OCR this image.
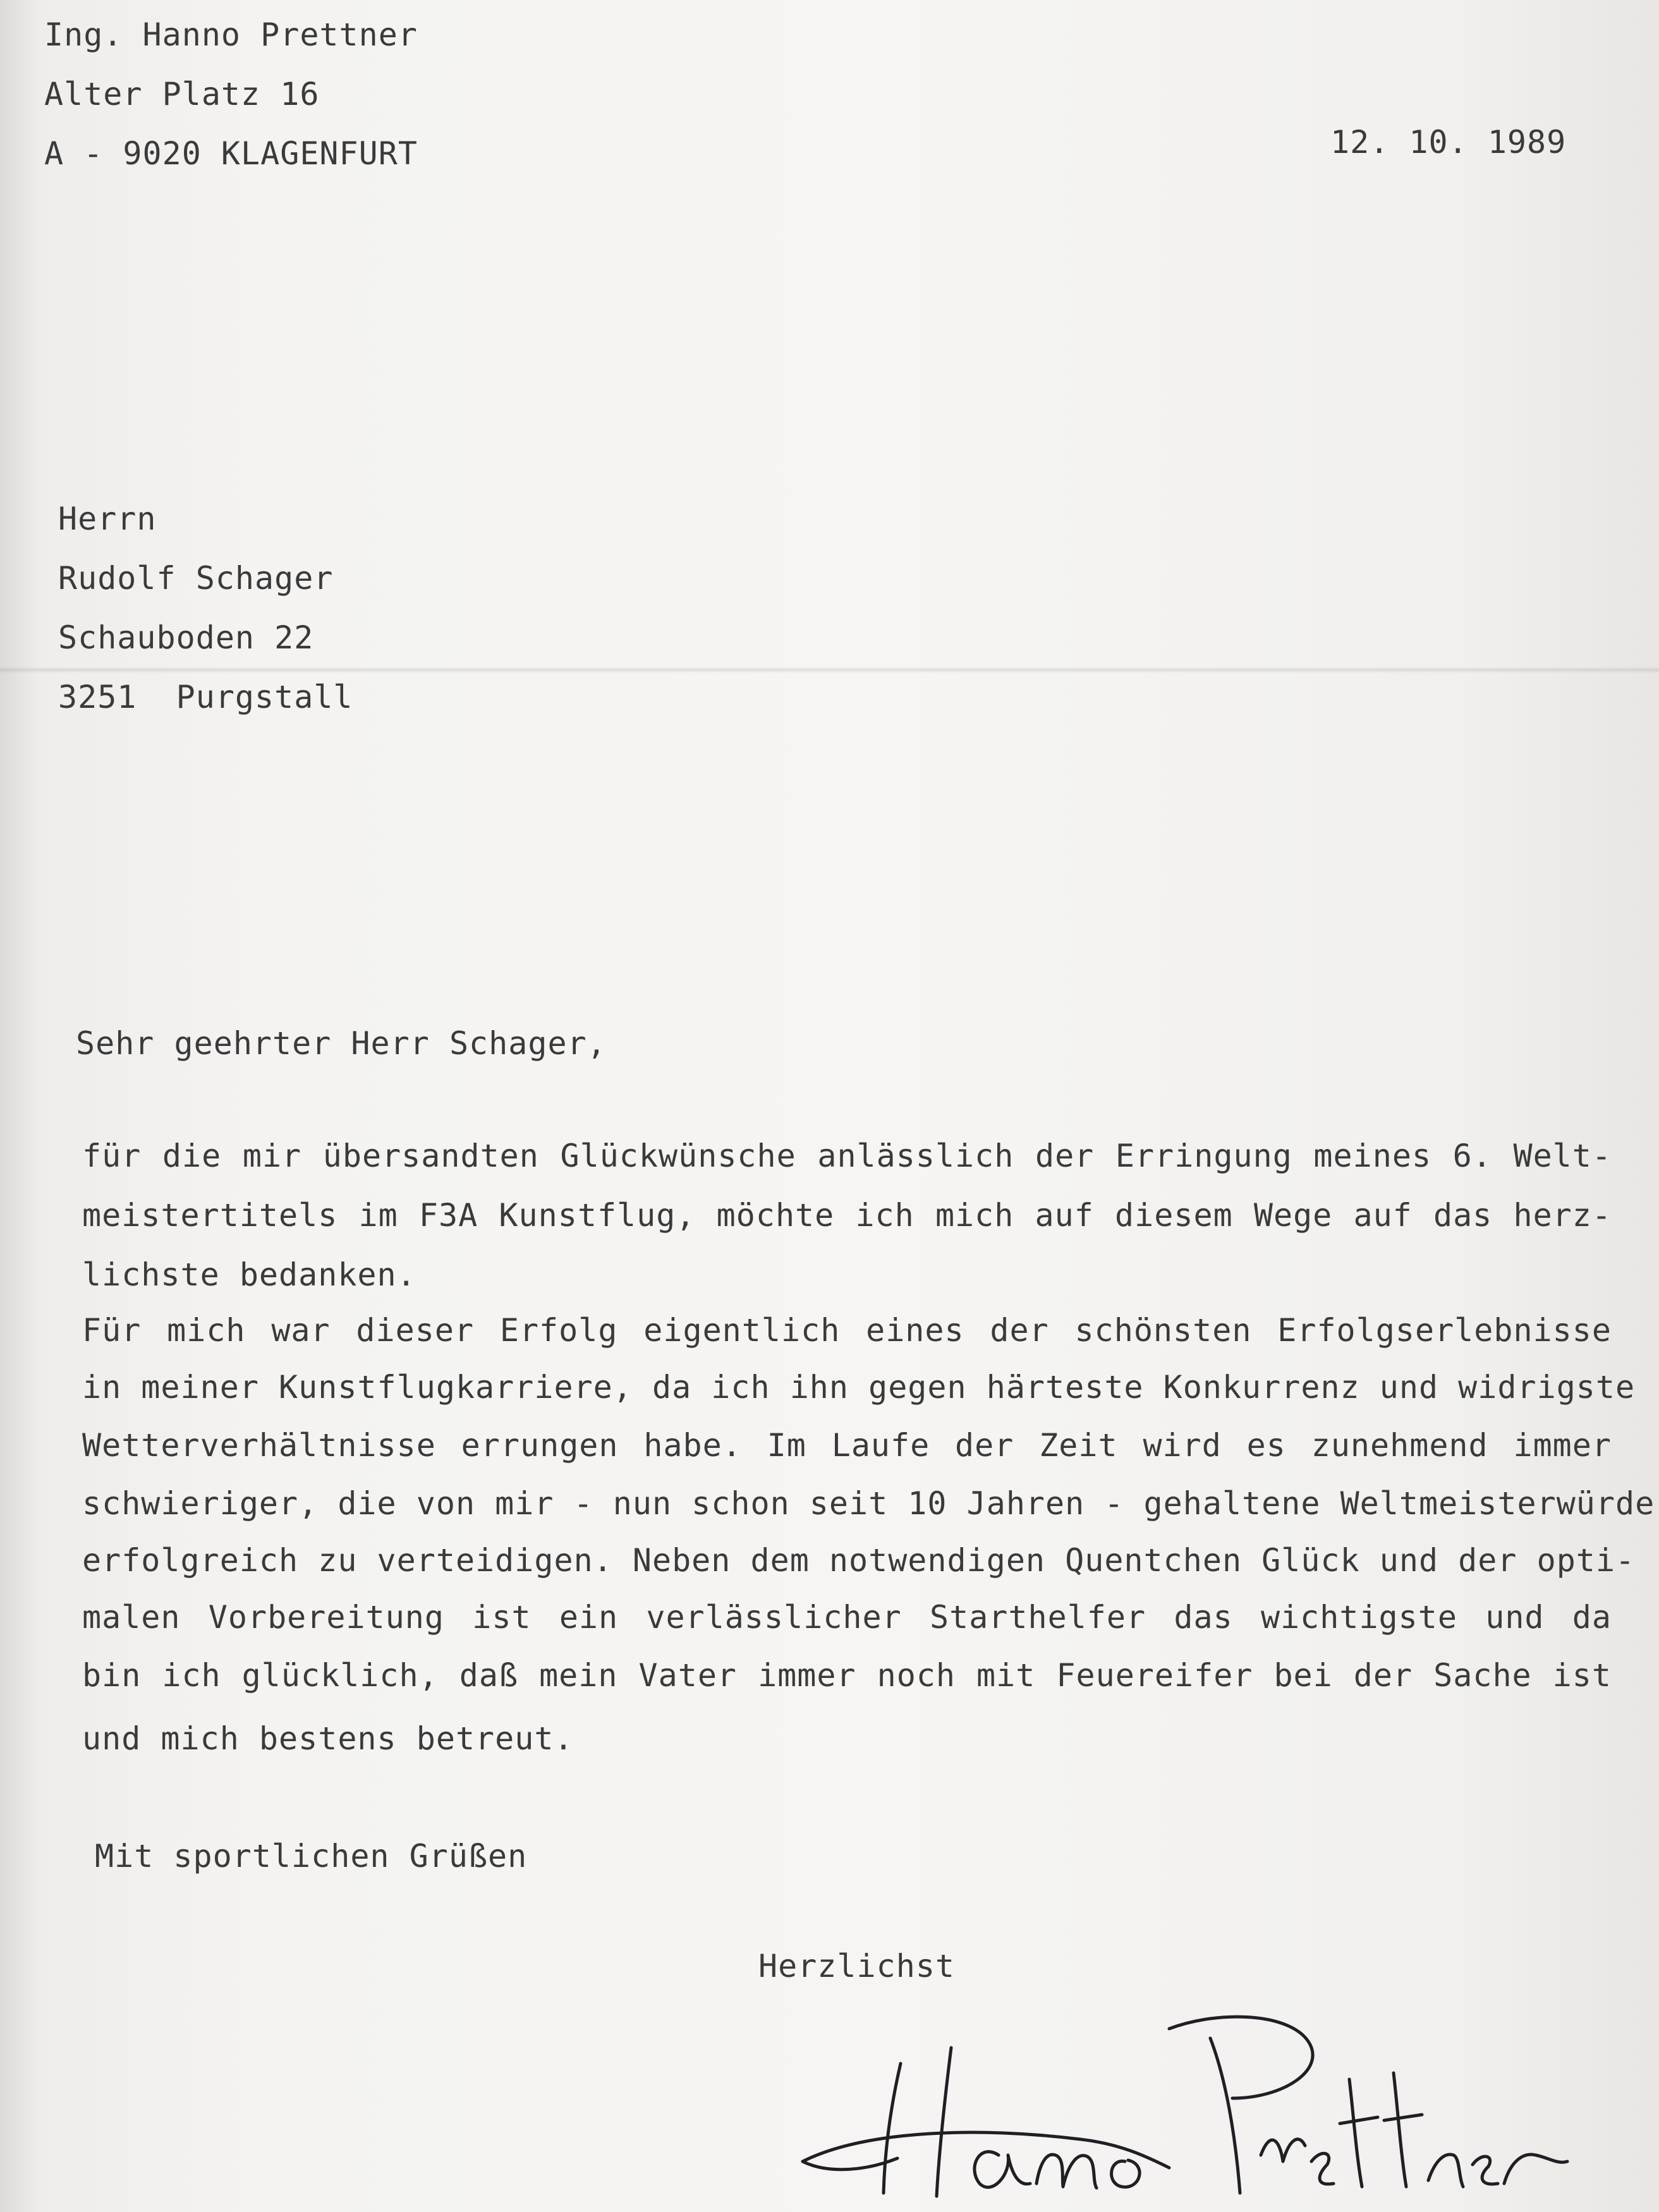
Ing. Hanno Prettner
Alter Platz 16
A - 9020 KLAGENFURT	12. 10. 1989
Herrn
Rudolf Schager
Schauboden 22
3251  Purgstall
Sehr geehrter Herr Schager,
für die mir übersandten Glückwünsche anlässlich der Erringung meines 6. Welt-
meistertitels im F3A Kunstflug, möchte ich mich auf diesem Wege auf das herz-
lichste bedanken.
Für mich war dieser Erfolg eigentlich eines der schönsten Erfolgserlebnisse
in meiner Kunstflugkarriere, da ich ihn gegen härteste Konkurrenz und widrigste
Wetterverhältnisse errungen habe. Im Laufe der Zeit wird es zunehmend immer
schwieriger, die von mir - nun schon seit 10 Jahren - gehaltene Weltmeisterwürde
erfolgreich zu verteidigen. Neben dem notwendigen Quentchen Glück und der opti-
malen Vorbereitung ist ein verlässlicher Starthelfer das wichtigste und da
bin ich glücklich, daß mein Vater immer noch mit Feuereifer bei der Sache ist
und mich bestens betreut.
Mit sportlichen Grüßen
Herzlichst
